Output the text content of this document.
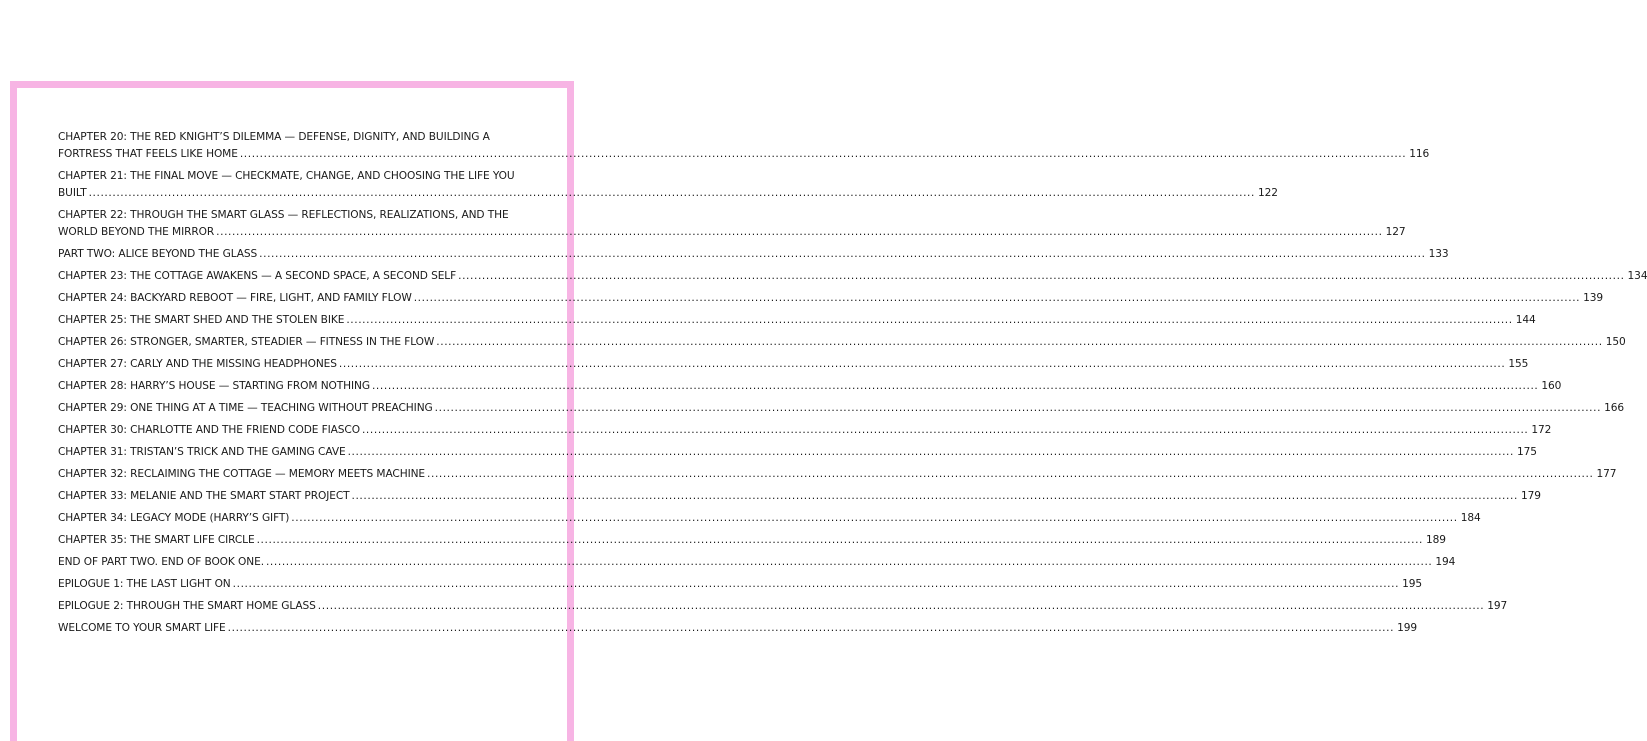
CHAPTER 20: THE RED KNIGHT’S DILEMMA — DEFENSE, DIGNITY, AND BUILDING A
FORTRESS THAT FEELS LIKE HOME .....	116
CHAPTER 21: THE FINAL MOVE — CHECKMATE, CHANGE, AND CHOOSING THE LIFE YOU
BUILT .....	122
CHAPTER 22: THROUGH THE SMART GLASS — REFLECTIONS, REALIZATIONS, AND THE
WORLD BEYOND THE MIRROR .....	127
PART TWO: ALICE BEYOND THE GLASS .....	133
CHAPTER 23: THE COTTAGE AWAKENS — A SECOND SPACE, A SECOND SELF .....	134
CHAPTER 24: BACKYARD REBOOT — FIRE, LIGHT, AND FAMILY FLOW .....	139
CHAPTER 25: THE SMART SHED AND THE STOLEN BIKE .....	144
CHAPTER 26: STRONGER, SMARTER, STEADIER — FITNESS IN THE FLOW .....	150
CHAPTER 27: CARLY AND THE MISSING HEADPHONES .....	155
CHAPTER 28: HARRY’S HOUSE — STARTING FROM NOTHING .....	160
CHAPTER 29: ONE THING AT A TIME — TEACHING WITHOUT PREACHING .....	166
CHAPTER 30: CHARLOTTE AND THE FRIEND CODE FIASCO .....	172
CHAPTER 31: TRISTAN’S TRICK AND THE GAMING CAVE .....	175
CHAPTER 32: RECLAIMING THE COTTAGE — MEMORY MEETS MACHINE .....	177
CHAPTER 33: MELANIE AND THE SMART START PROJECT .....	179
CHAPTER 34: LEGACY MODE (HARRY’S GIFT) .....	184
CHAPTER 35: THE SMART LIFE CIRCLE .....	189
END OF PART TWO. END OF BOOK ONE. .....	194
EPILOGUE 1: THE LAST LIGHT ON .....	195
EPILOGUE 2: THROUGH THE SMART HOME GLASS .....	197
WELCOME TO YOUR SMART LIFE .....	199
